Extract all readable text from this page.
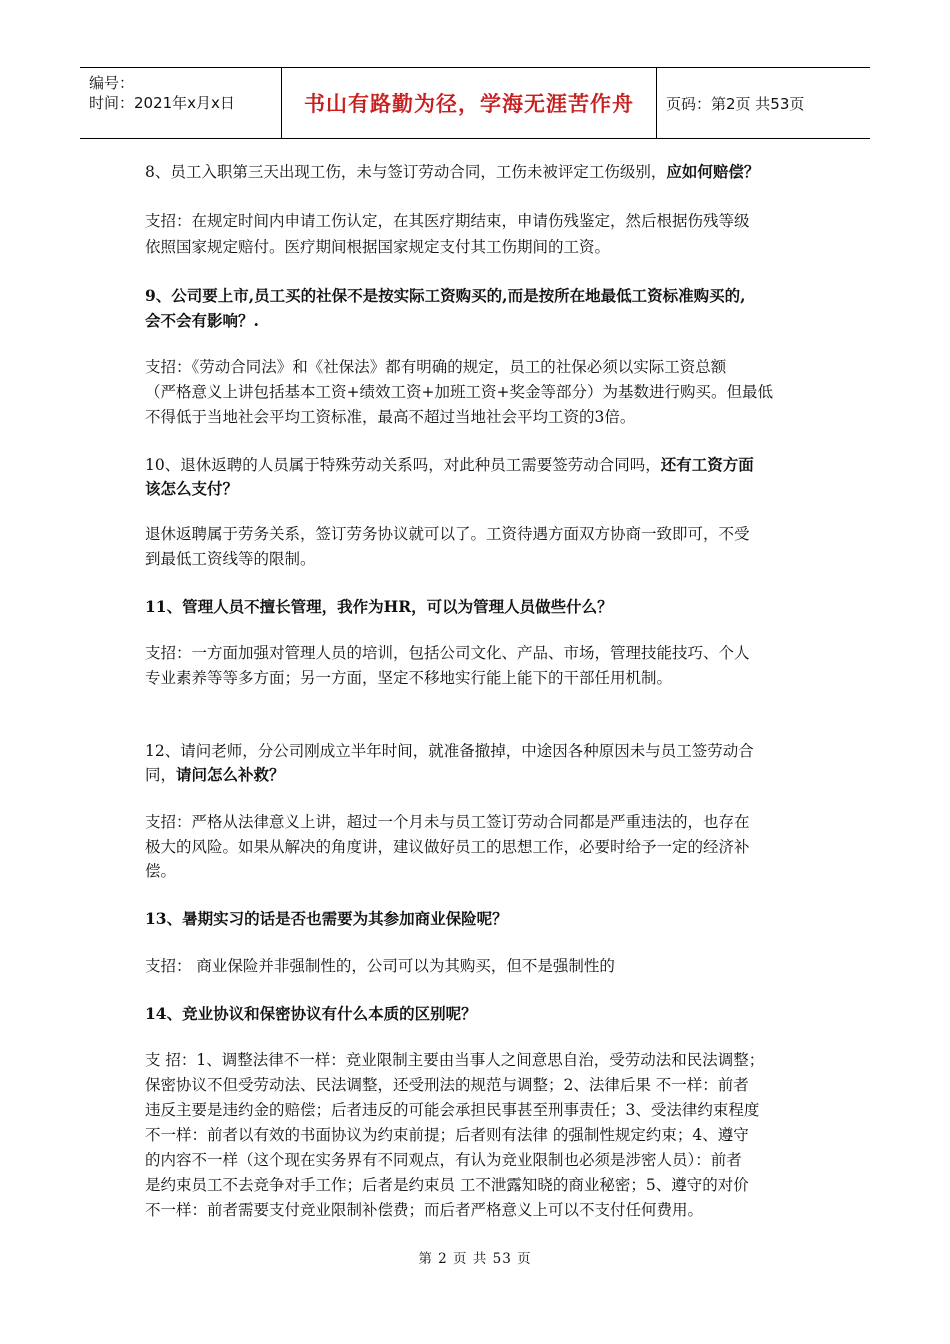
编号：
时间：2021年x月x日	书山有路勤为径，学海无涯苦作舟 页码：第2页 共53页
8、员工入职第三天出现工伤，未与签订劳动合同，工伤未被评定工伤级别，应如何赔偿？
支招：在规定时间内申请工伤认定，在其医疗期结束，申请伤残鉴定，然后根据伤残等级
依照国家规定赔付。医疗期间根据国家规定支付其工伤期间的工资。
9、公司要上市,员工买的社保不是按实际工资购买的,而是按所在地最低工资标准购买的,
会不会有影响？.
支招：《劳动合同法》和《社保法》都有明确的规定，员工的社保必须以实际工资总额
（严格意义上讲包括基本工资+绩效工资+加班工资+奖金等部分）为基数进行购买。但最低
不得低于当地社会平均工资标准，最高不超过当地社会平均工资的3倍。
10、退休返聘的人员属于特殊劳动关系吗，对此种员工需要签劳动合同吗，还有工资方面
该怎么支付？
退休返聘属于劳务关系，签订劳务协议就可以了。工资待遇方面双方协商一致即可，不受
到最低工资线等的限制。
11、管理人员不擅长管理，我作为HR，可以为管理人员做些什么？
支招：一方面加强对管理人员的培训，包括公司文化、产品、市场，管理技能技巧、个人
专业素养等等多方面；另一方面，坚定不移地实行能上能下的干部任用机制。
12、请问老师，分公司刚成立半年时间，就准备撤掉，中途因各种原因未与员工签劳动合
同，请问怎么补救？
支招：严格从法律意义上讲，超过一个月未与员工签订劳动合同都是严重违法的，也存在
极大的风险。如果从解决的角度讲，建议做好员工的思想工作，必要时给予一定的经济补
偿。
13、暑期实习的话是否也需要为其参加商业保险呢？
支招： 商业保险并非强制性的，公司可以为其购买，但不是强制性的
14、竞业协议和保密协议有什么本质的区别呢？
支 招：1、调整法律不一样：竞业限制主要由当事人之间意思自治，受劳动法和民法调整；
保密协议不但受劳动法、民法调整，还受刑法的规范与调整；2、法律后果 不一样：前者
违反主要是违约金的赔偿；后者违反的可能会承担民事甚至刑事责任；3、受法律约束程度
不一样：前者以有效的书面协议为约束前提；后者则有法律 的强制性规定约束；4、遵守
的内容不一样（这个现在实务界有不同观点，有认为竞业限制也必须是涉密人员）：前者
是约束员工不去竞争对手工作；后者是约束员 工不泄露知晓的商业秘密；5、遵守的对价
不一样：前者需要支付竞业限制补偿费；而后者严格意义上可以不支付任何费用。
第 2 页 共 53 页
